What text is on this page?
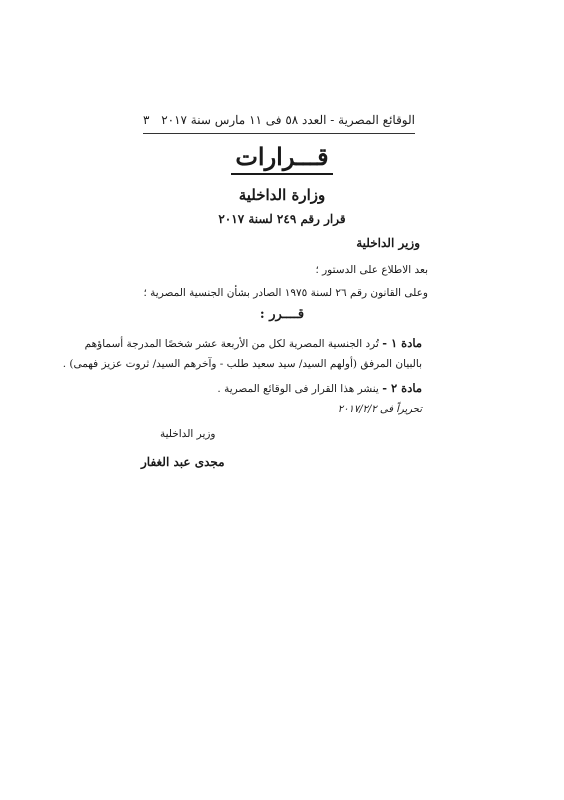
الوقائع المصرية - العدد ٥٨ فى ١١ مارس سنة ٢٠١٧
٣
قـــرارات
وزارة الداخلية
قرار رقم ٢٤٩ لسنة ٢٠١٧
وزير الداخلية
بعد الاطلاع على الدستور ؛
وعلى القانون رقم ٢٦ لسنة ١٩٧٥ الصادر بشأن الجنسية المصرية ؛
قــــرر :
مادة ١ - تُرد الجنسية المصرية لكل من الأربعة عشر شخصًا المدرجة أسماؤهم
بالبيان المرفق (أولهم السيد/ سيد سعيد طلب - وآخرهم السيد/ ثروت عزيز فهمى) .
مادة ٢ - ينشر هذا القرار فى الوقائع المصرية .
تحريراً فى ٢٠١٧/٢/٢
وزير الداخلية
مجدى عبد الغفار
